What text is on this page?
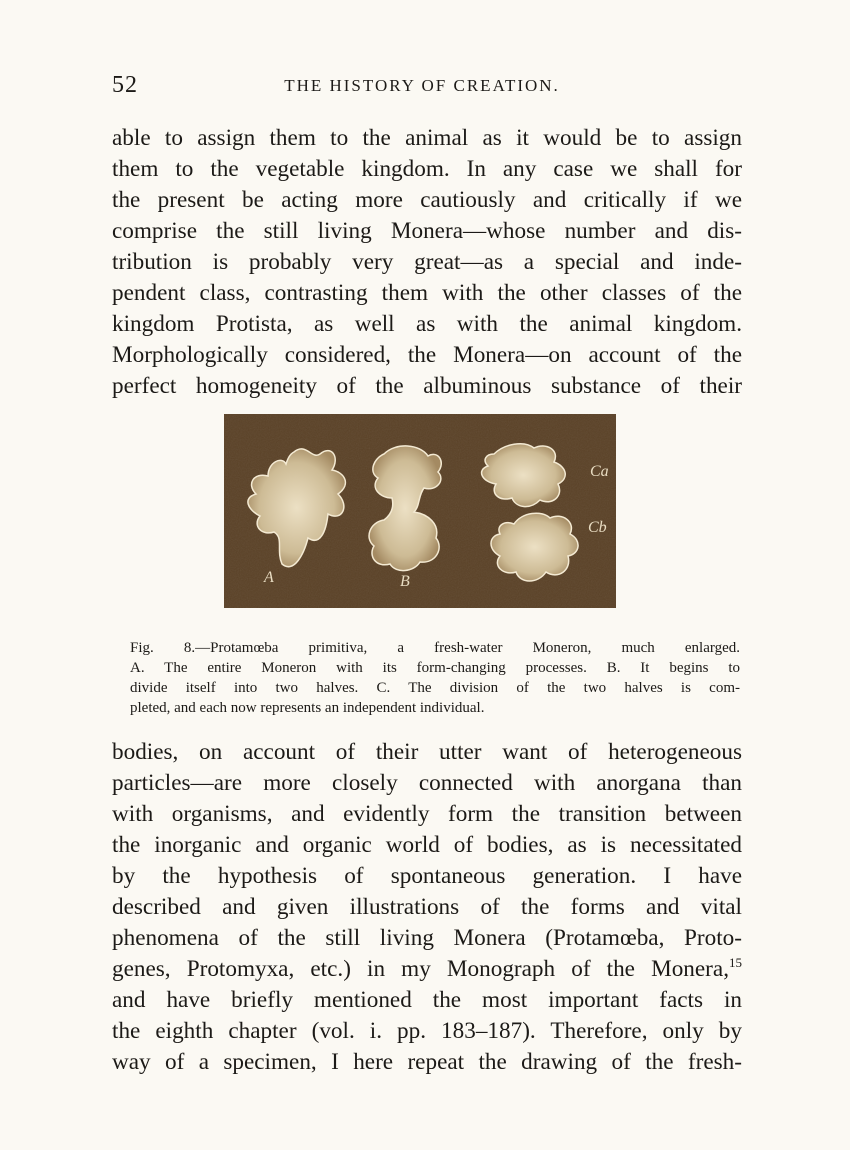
52	THE HISTORY OF CREATION.
able to assign them to the animal as it would be to assign
them to the vegetable kingdom. In any case we shall for
the present be acting more cautiously and critically if we
comprise the still living Monera—whose number and dis-
tribution is probably very great—as a special and inde-
pendent class, contrasting them with the other classes of the
kingdom Protista, as well as with the animal kingdom.
Morphologically considered, the Monera—on account of the
perfect homogeneity of the albuminous substance of their
A	B
Ca
Cb
Fig. 8.—Protamœba primitiva, a fresh-water Moneron, much enlarged.
A. The entire Moneron with its form-changing processes. B. It begins to
divide itself into two halves. C. The division of the two halves is com-
pleted, and each now represents an independent individual.
bodies, on account of their utter want of heterogeneous
particles—are more closely connected with anorgana than
with organisms, and evidently form the transition between
the inorganic and organic world of bodies, as is necessitated
by the hypothesis of spontaneous generation. I have
described and given illustrations of the forms and vital
phenomena of the still living Monera (Protamœba, Proto-
genes, Protomyxa, etc.) in my Monograph of the Monera,$^{15}$
and have briefly mentioned the most important facts in
the eighth chapter (vol. i. pp. 183–187). Therefore, only by
way of a specimen, I here repeat the drawing of the fresh-
